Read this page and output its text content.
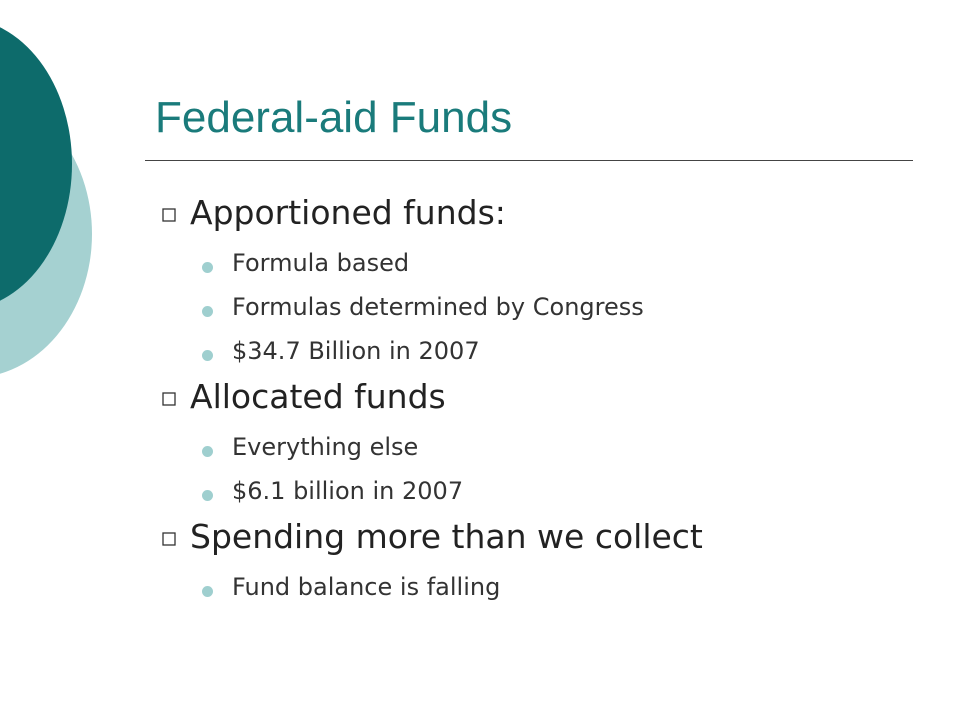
Federal-aid Funds
Apportioned funds:
Formula based
Formulas determined by Congress
$34.7 Billion in 2007
Allocated funds
Everything else
$6.1 billion in 2007
Spending more than we collect
Fund balance is falling
